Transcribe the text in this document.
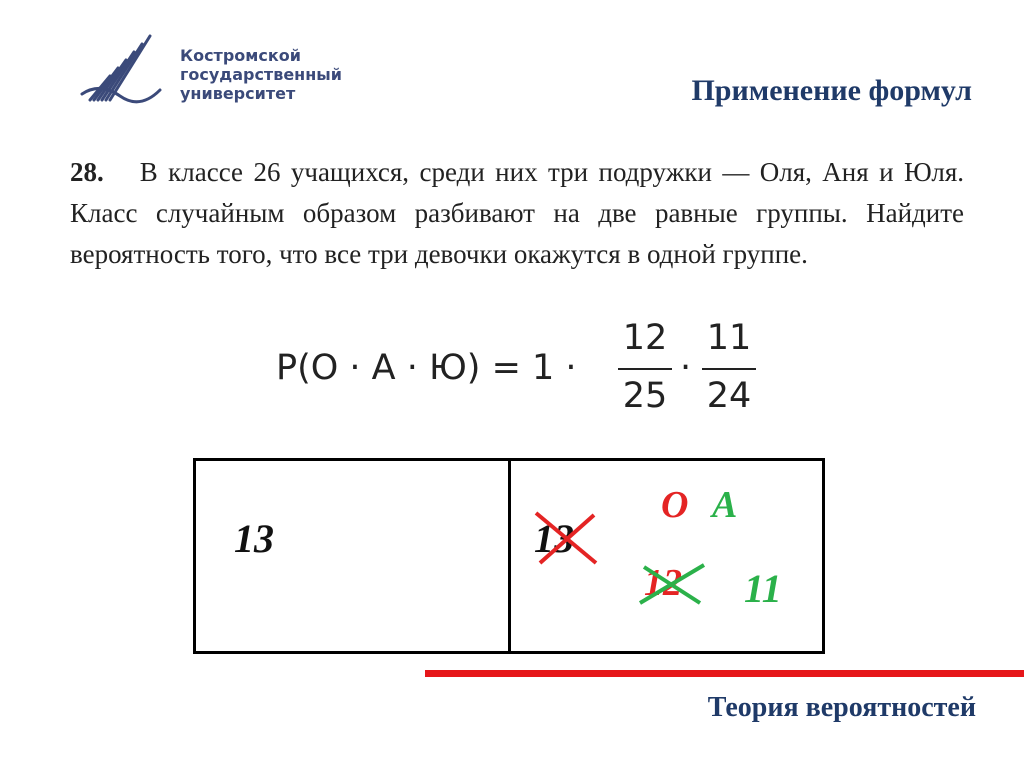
Костромской
государственный
университет	Применение формул
28. В классе 26 учащихся, среди них три подружки — Оля, Аня и Юля. Класс случайным образом разбивают на две равные группы. Найдите вероятность того, что все три девочки окажутся в одной группе.
P(O · A · Ю) = 1 ·
12
25
·
11
24
13	13
O A
12 11
Теория вероятностей
